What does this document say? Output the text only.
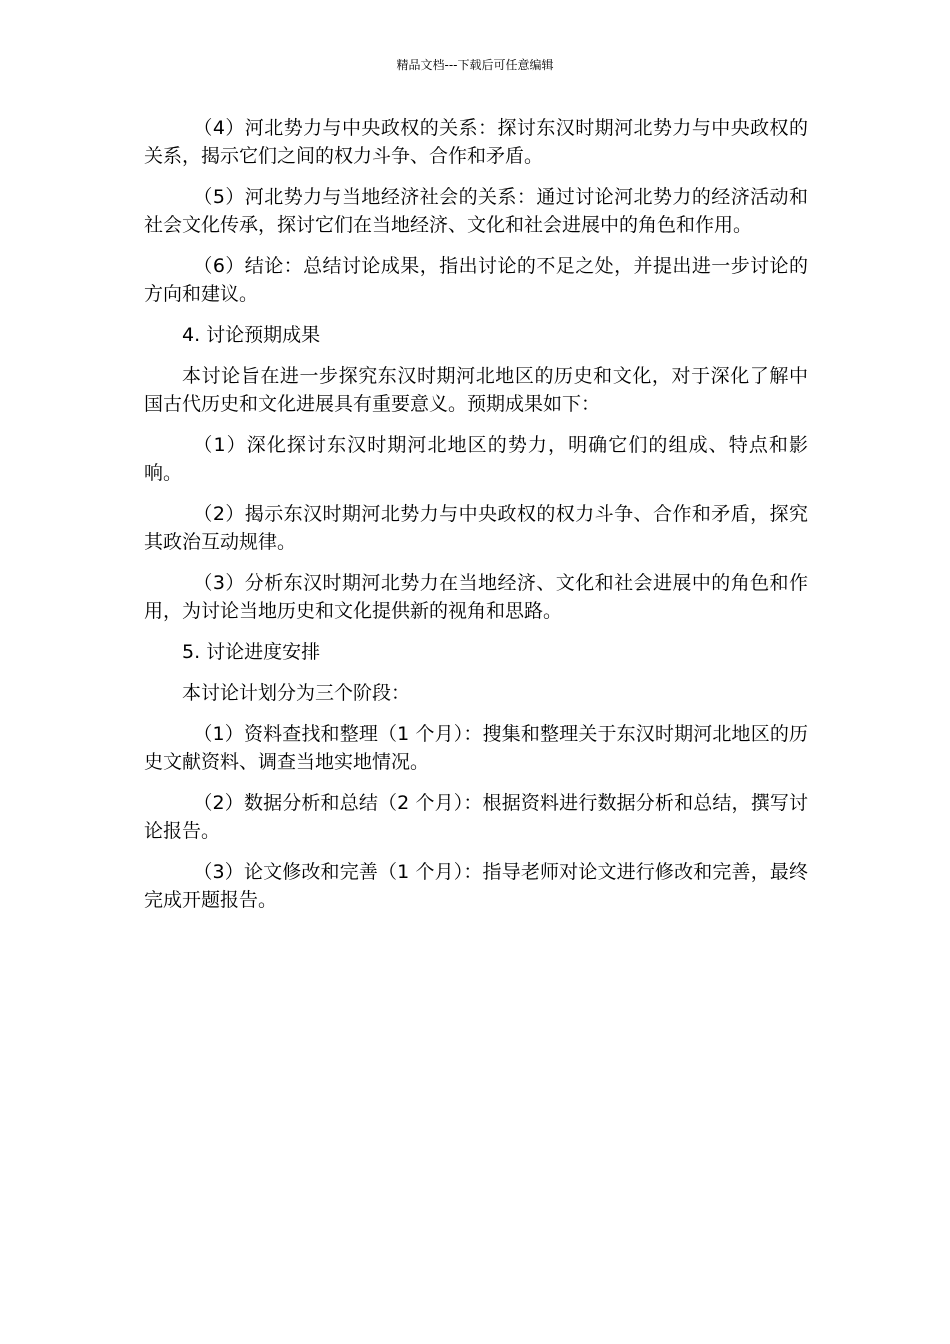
精品文档---下载后可任意编辑

（4）河北势力与中央政权的关系：探讨东汉时期河北势力与中央政权的关系，揭示它们之间的权力斗争、合作和矛盾。

（5）河北势力与当地经济社会的关系：通过讨论河北势力的经济活动和社会文化传承，探讨它们在当地经济、文化和社会进展中的角色和作用。

（6）结论：总结讨论成果，指出讨论的不足之处，并提出进一步讨论的方向和建议。

4. 讨论预期成果

本讨论旨在进一步探究东汉时期河北地区的历史和文化，对于深化了解中国古代历史和文化进展具有重要意义。预期成果如下：

（1）深化探讨东汉时期河北地区的势力，明确它们的组成、特点和影响。

（2）揭示东汉时期河北势力与中央政权的权力斗争、合作和矛盾，探究其政治互动规律。

（3）分析东汉时期河北势力在当地经济、文化和社会进展中的角色和作用，为讨论当地历史和文化提供新的视角和思路。

5. 讨论进度安排

本讨论计划分为三个阶段：

（1）资料查找和整理（1 个月）：搜集和整理关于东汉时期河北地区的历史文献资料、调查当地实地情况。

（2）数据分析和总结（2 个月）：根据资料进行数据分析和总结，撰写讨论报告。

（3）论文修改和完善（1 个月）：指导老师对论文进行修改和完善，最终完成开题报告。
